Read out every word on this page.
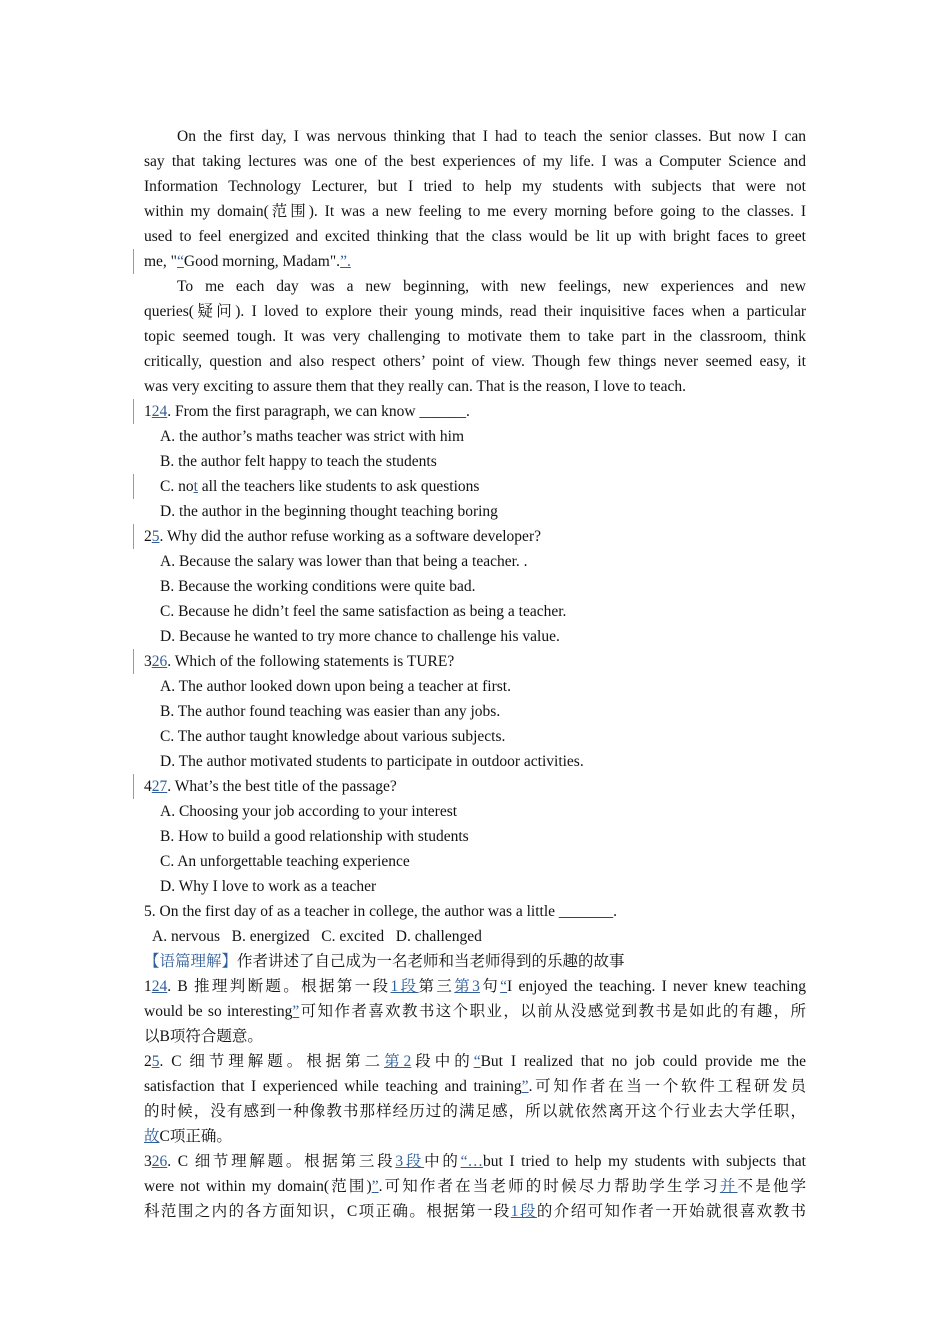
On the first day, I was nervous thinking that I had to teach the senior classes. But now I can
say that taking lectures was one of the best experiences of my life. I was a Computer Science and
Information Technology Lecturer, but I tried to help my students with subjects that were not
within my domain(范围). It was a new feeling to me every morning before going to the classes. I
used to feel energized and excited thinking that the class would be lit up with bright faces to greet
me, "“Good morning, Madam".”.
To me each day was a new beginning, with new feelings, new experiences and new
queries(疑问). I loved to explore their young minds, read their inquisitive faces when a particular
topic seemed tough. It was very challenging to motivate them to take part in the classroom, think
critically, question and also respect others’ point of view. Though few things never seemed easy, it
was very exciting to assure them that they really can. That is the reason, I love to teach.
124. From the first paragraph, we can know ______.
A. the author’s maths teacher was strict with him
B. the author felt happy to teach the students
C. not all the teachers like students to ask questions
D. the author in the beginning thought teaching boring
25. Why did the author refuse working as a software developer?
A. Because the salary was lower than that being a teacher. .
B. Because the working conditions were quite bad.
C. Because he didn’t feel the same satisfaction as being a teacher.
D. Because he wanted to try more chance to challenge his value.
326. Which of the following statements is TURE?
A. The author looked down upon being a teacher at first.
B. The author found teaching was easier than any jobs.
C. The author taught knowledge about various subjects.
D. The author motivated students to participate in outdoor activities.
427. What’s the best title of the passage?
A. Choosing your job according to your interest
B. How to build a good relationship with students
C. An unforgettable teaching experience
D. Why I love to work as a teacher
5. On the first day of as a teacher in college, the author was a little _______.
A. nervous   B. energized   C. excited   D. challenged
【语篇理解】作者讲述了自己成为一名老师和当老师得到的乐趣的故事
124. B 推理判断题。根据第一段1段第三第3句“I enjoyed the teaching. I never knew teaching
would be so interesting”可知作者喜欢教书这个职业，以前从没感觉到教书是如此的有趣，所
以B项符合题意。
25. C 细节理解题。根据第二第2段中的“But I realized that no job could provide me the
satisfaction that I experienced while teaching and training”.可知作者在当一个软件工程研发员
的时候，没有感到一种像教书那样经历过的满足感，所以就依然离开这个行业去大学任职，
故C项正确。
326. C 细节理解题。根据第三段3段中的“…but I tried to help my students with subjects that
were not within my domain(范围)”.可知作者在当老师的时候尽力帮助学生学习并不是他学
科范围之内的各方面知识，C项正确。根据第一段1段的介绍可知作者一开始就很喜欢教书
